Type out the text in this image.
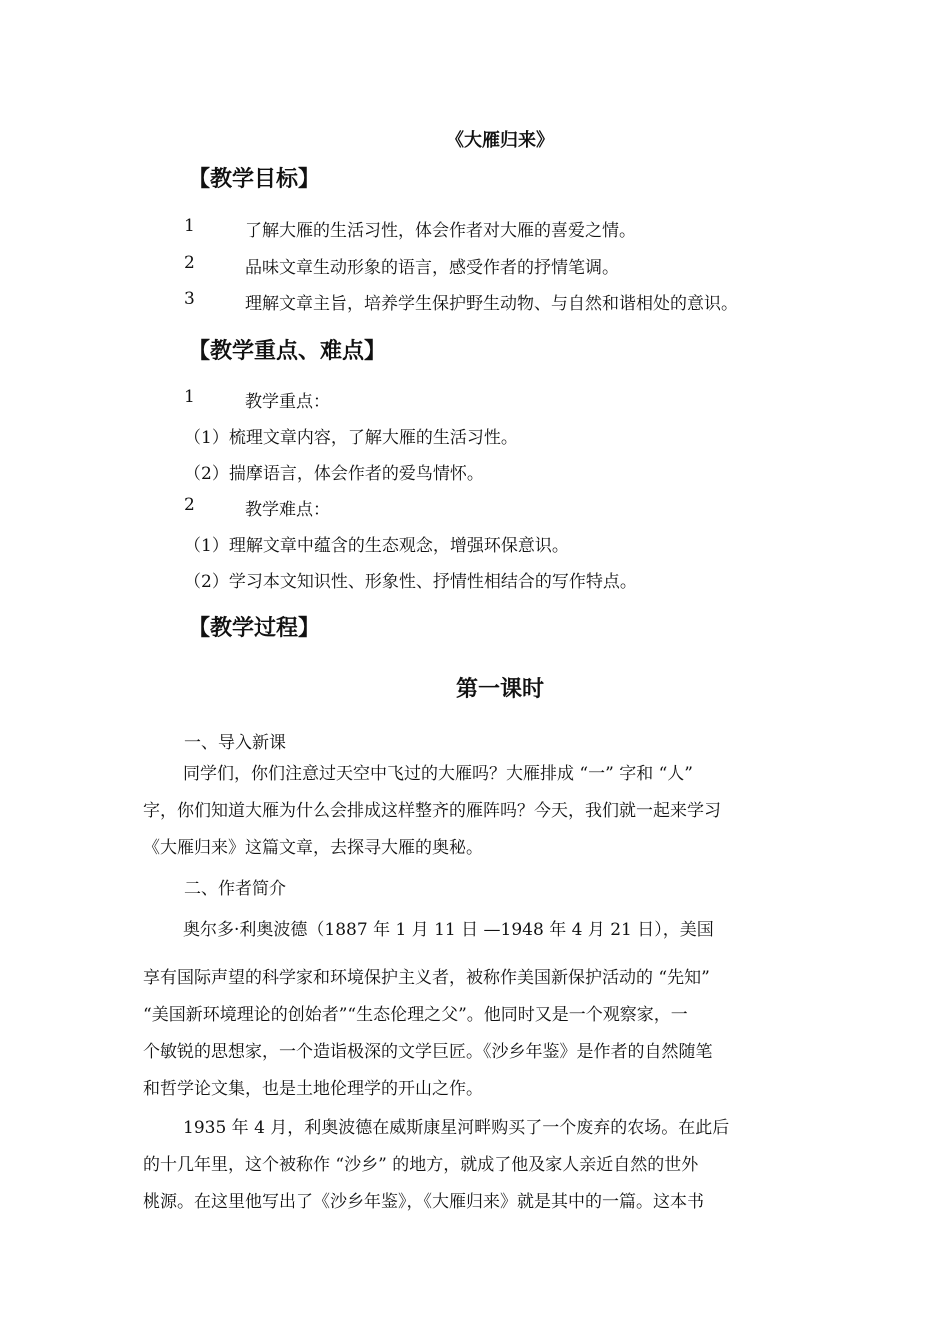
《大雁归来》
【教学目标】
1	了解大雁的生活习性，体会作者对大雁的喜爱之情。
2	品味文章生动形象的语言，感受作者的抒情笔调。
3	理解文章主旨，培养学生保护野生动物、与自然和谐相处的意识。
【教学重点、难点】
1	教学重点：
（1）梳理文章内容，了解大雁的生活习性。
（2）揣摩语言，体会作者的爱鸟情怀。
2	教学难点：
（1）理解文章中蕴含的生态观念，增强环保意识。
（2）学习本文知识性、形象性、抒情性相结合的写作特点。
【教学过程】
第一课时
一、导入新课
同学们，你们注意过天空中飞过的大雁吗？大雁排成 “一” 字和 “人”
字，你们知道大雁为什么会排成这样整齐的雁阵吗？今天，我们就一起来学习
《大雁归来》这篇文章，去探寻大雁的奥秘。
二、作者简介
奥尔多·利奥波德（1887 年 1 月 11 日 —1948 年 4 月 21 日），美国
享有国际声望的科学家和环境保护主义者，被称作美国新保护活动的 “先知”
“美国新环境理论的创始者”“生态伦理之父”。他同时又是一个观察家，一
个敏锐的思想家，一个造诣极深的文学巨匠。《沙乡年鉴》是作者的自然随笔
和哲学论文集，也是土地伦理学的开山之作。
1935 年 4 月，利奥波德在威斯康星河畔购买了一个废弃的农场。在此后
的十几年里，这个被称作 “沙乡” 的地方，就成了他及家人亲近自然的世外
桃源。在这里他写出了《沙乡年鉴》，《大雁归来》就是其中的一篇。这本书
